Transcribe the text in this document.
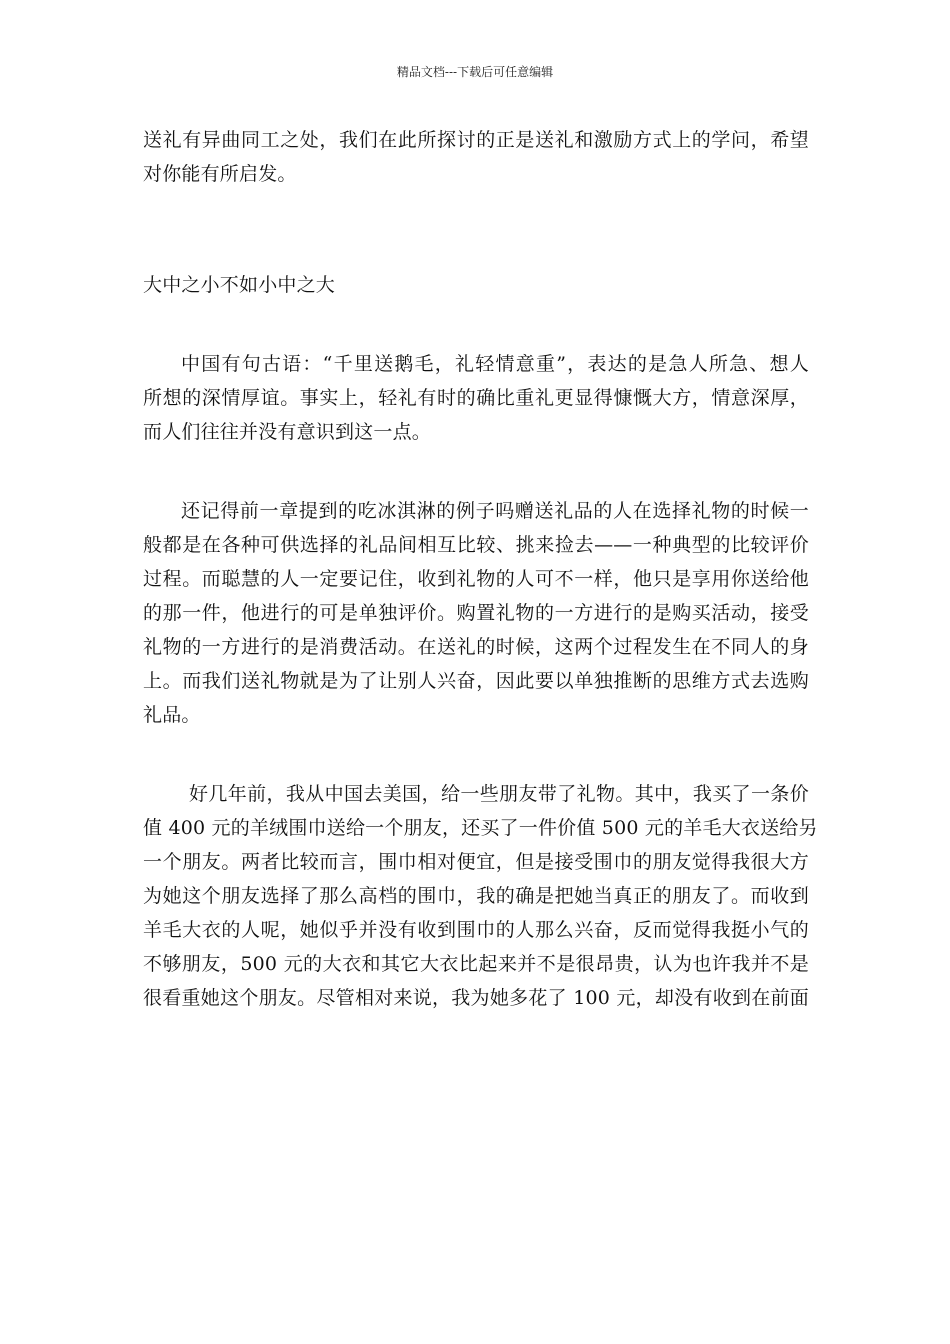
精品文档---下载后可任意编辑
送礼有异曲同工之处，我们在此所探讨的正是送礼和激励方式上的学问，希望
对你能有所启发。
大中之小不如小中之大
中国有句古语：“千里送鹅毛，礼轻情意重”，表达的是急人所急、想人
所想的深情厚谊。事实上，轻礼有时的确比重礼更显得慷慨大方，情意深厚，
而人们往往并没有意识到这一点。
还记得前一章提到的吃冰淇淋的例子吗赠送礼品的人在选择礼物的时候一
般都是在各种可供选择的礼品间相互比较、挑来捡去——一种典型的比较评价
过程。而聪慧的人一定要记住，收到礼物的人可不一样，他只是享用你送给他
的那一件，他进行的可是单独评价。购置礼物的一方进行的是购买活动，接受
礼物的一方进行的是消费活动。在送礼的时候，这两个过程发生在不同人的身
上。而我们送礼物就是为了让别人兴奋，因此要以单独推断的思维方式去选购
礼品。
好几年前，我从中国去美国，给一些朋友带了礼物。其中，我买了一条价
值 400 元的羊绒围巾送给一个朋友，还买了一件价值 500 元的羊毛大衣送给另
一个朋友。两者比较而言，围巾相对便宜，但是接受围巾的朋友觉得我很大方
为她这个朋友选择了那么高档的围巾，我的确是把她当真正的朋友了。而收到
羊毛大衣的人呢，她似乎并没有收到围巾的人那么兴奋，反而觉得我挺小气的
不够朋友，500 元的大衣和其它大衣比起来并不是很昂贵，认为也许我并不是
很看重她这个朋友。尽管相对来说，我为她多花了 100 元，却没有收到在前面
